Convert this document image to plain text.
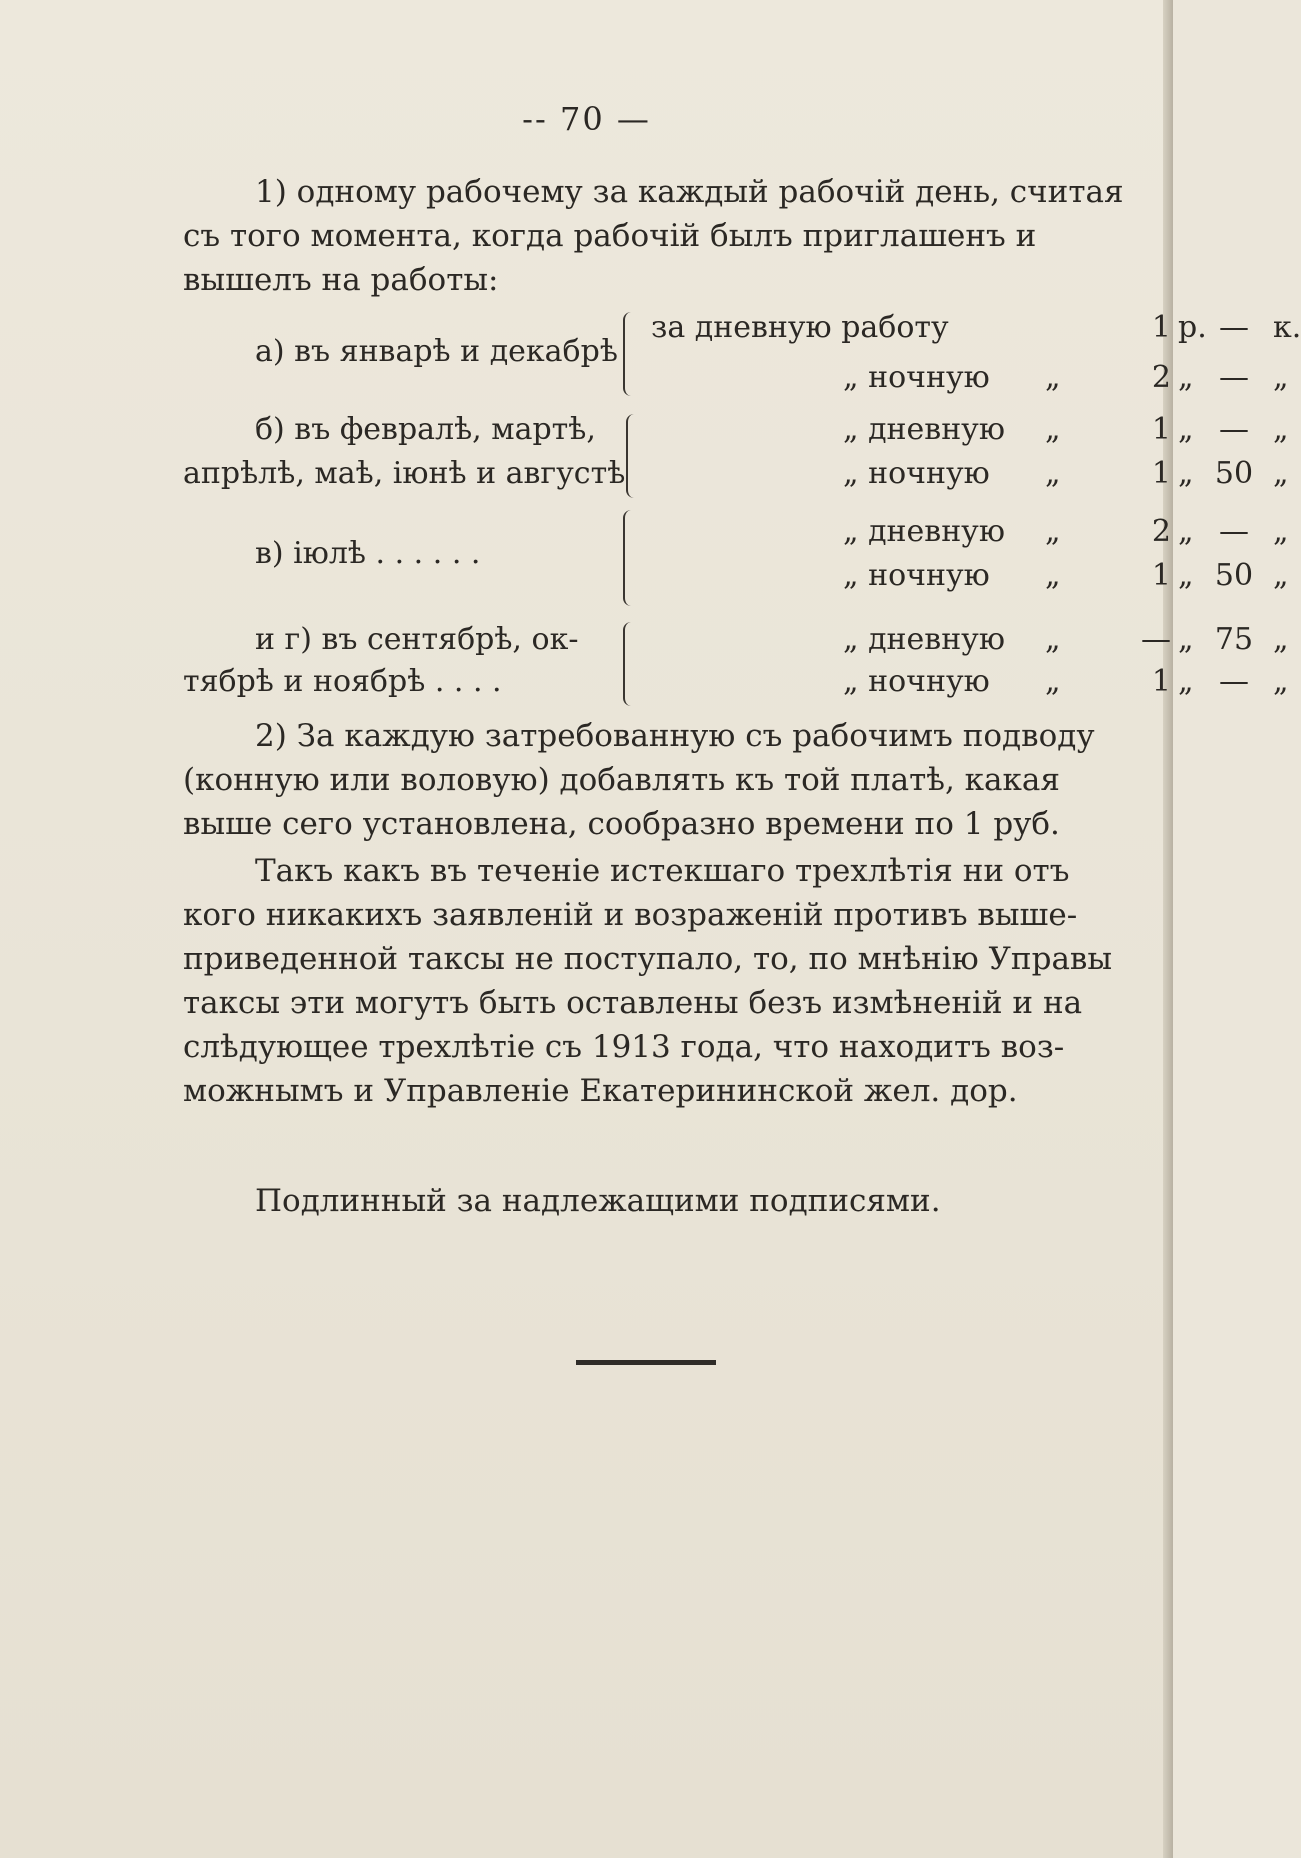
-- 70 —
1) одному рабочему за каждый рабочій день, считая
съ того момента, когда рабочій былъ приглашенъ и
вышелъ на работы:
а) въ январѣ и декабрѣ
за дневную работу	1 р. — к.
„ ночную „	2 „ — „
б) въ февралѣ, мартѣ,	„ дневную „	1 „ — „
апрѣлѣ, маѣ, іюнѣ и августѣ	„ ночную „	1 „ 50 „
в) іюлѣ . . . . . .
„ дневную „	2 „ — „
„ ночную „	1 „ 50 „
и г) въ сентябрѣ, ок-	„ дневную „	— „ 75 „
тябрѣ и ноябрѣ . . . .	„ ночную „	1 „ — „
2) За каждую затребованную съ рабочимъ подводу
(конную или воловую) добавлять къ той платѣ, какая
выше сего установлена, сообразно времени по 1 руб.
Такъ какъ въ теченіе истекшаго трехлѣтія ни отъ
кого никакихъ заявленій и возраженій противъ выше-
приведенной таксы не поступало, то, по мнѣнію Управы
таксы эти могутъ быть оставлены безъ измѣненій и на
слѣдующее трехлѣтіе съ 1913 года, что находитъ воз-
можнымъ и Управленіе Екатерининской жел. дор.
Подлинный за надлежащими подписями.
